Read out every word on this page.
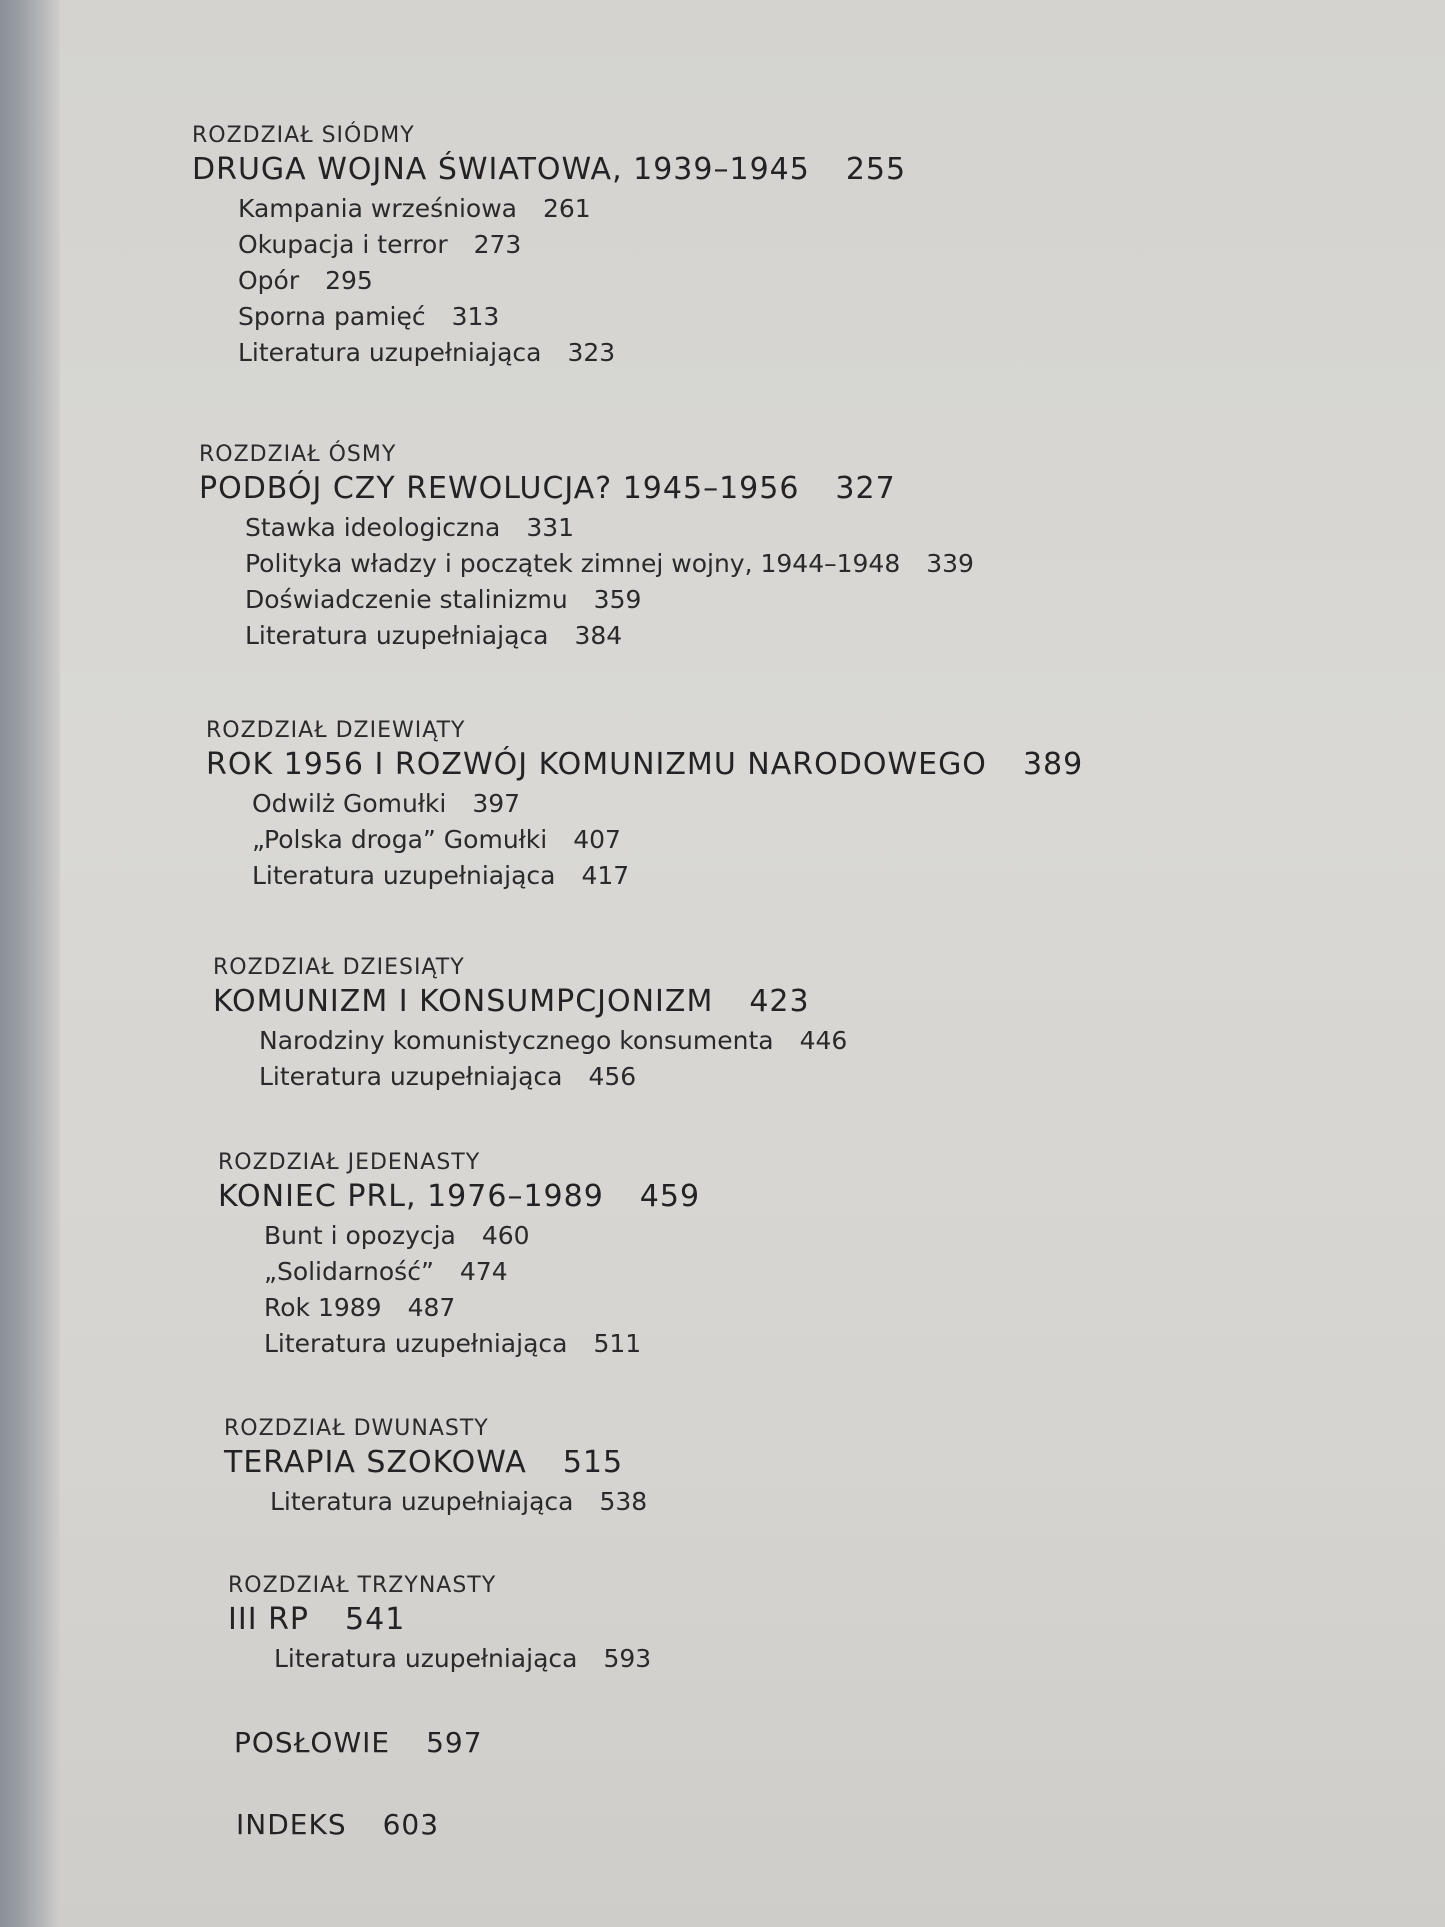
ROZDZIAŁ SIÓDMY
DRUGA WOJNA ŚWIATOWA, 1939–1945 255
Kampania wrześniowa 261
Okupacja i terror 273
Opór 295
Sporna pamięć 313
Literatura uzupełniająca 323
ROZDZIAŁ ÓSMY
PODBÓJ CZY REWOLUCJA? 1945–1956 327
Stawka ideologiczna 331
Polityka władzy i początek zimnej wojny, 1944–1948 339
Doświadczenie stalinizmu 359
Literatura uzupełniająca 384
ROZDZIAŁ DZIEWIĄTY
ROK 1956 I ROZWÓJ KOMUNIZMU NARODOWEGO 389
Odwilż Gomułki 397
„Polska droga” Gomułki 407
Literatura uzupełniająca 417
ROZDZIAŁ DZIESIĄTY
KOMUNIZM I KONSUMPCJONIZM 423
Narodziny komunistycznego konsumenta 446
Literatura uzupełniająca 456
ROZDZIAŁ JEDENASTY
KONIEC PRL, 1976–1989 459
Bunt i opozycja 460
„Solidarność” 474
Rok 1989 487
Literatura uzupełniająca 511
ROZDZIAŁ DWUNASTY
TERAPIA SZOKOWA 515
Literatura uzupełniająca 538
ROZDZIAŁ TRZYNASTY
III RP 541
Literatura uzupełniająca 593
POSŁOWIE 597
INDEKS 603
